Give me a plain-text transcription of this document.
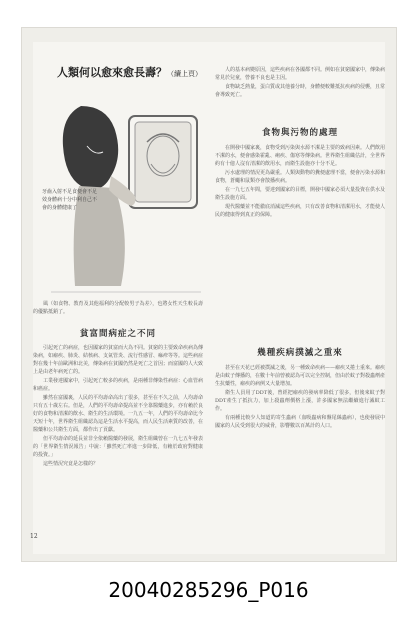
人類何以愈來愈長壽？（續上頁）
牙齒入射不足食便會不足效身體病十分中利自己不會的身體健康了

風（如食物、教育及其他福利的分配較男子為差），也將女性天生較長壽的優點抵銷了。

貧富間病症之不同

引起死亡的病症，也因國家的貧富而大為不同。貧窮的主要致命疾病為傳染病，如瘧疾、肺炎、結核病、支氣管炎、流行性感冒、痲疹等等。這些病症對在幾十年前歐洲和北美，傳染病在貧國仍然是死亡之首因；而富國的人大致上是由老年病死亡的。

工業發達國家中，引起死亡較多的疾病，是兩種非傳染性病症：心血管病和癌症。

雖然在富國裏，人民的平均壽命高出了很多，甚至在不久之前，人均壽命只有五十歲左右。但是，人們的平均壽命提高並不全靠醫藥進步，亦有賴於良好的食物和清潔的飲水、衛生的生活環境。一九五一年，人們的平均壽命比今天短十年，世界衛生組織認為這是生活水平提高，而人民生活素質的改善，在醫藥和公共衛生方面，都作出了貢獻。

但平均壽命的延長並非全依賴醫藥的發展，衛生組織曾在一九七五年發表的「世界衛生情況報告」中說：「雖然死亡率進一步降低，有賴於政府對健康的投資。」

這些情況究竟是怎樣的？

人的基本病變原因，這些疾病在各國都不同。例如在貧窮國家中，傳染病常見於兒童，營養不良也是主因。

食物缺乏熱量，蛋白質或其他養分時，身體便較難抵抗疾病的侵襲，且常會導致死亡。

食物與污物的處理

在開發中國家裏，食物受到污染與水源不潔是主要的致病因素。人們飲用不潔的水，便會感染霍亂、痢疾、傷寒等傳染病。世界衛生組織估計，全世界約有十億人沒有清潔的飲用水，而衛生設施亦十分不足。

污水處理的情況更為嚴重。人類與動物的糞便處理不當，便會污染水源和食物，蒼蠅和鼠類亦會散播疾病。

在一九七五年間，要達到國家的目標，開發中國家必須大量投資在供水及衛生設施方面。

現代醫藥並不能徹底消滅這些疾病，只有改善食物和清潔用水，才能使人民的健康得到真正的保障。

幾種疾病撲滅之重來

甚至在天花已經被撲滅之後，另一種致命疾病——瘧疾又捲土重來。瘧疾是由蚊子傳播的，在數十年前曾被認為可以完全控制，但由於蚊子對殺蟲劑產生抗藥性，瘧疾的病例又大量增加。

衛生人員用了DDT後，曾經把瘧疾的發病率降低了很多，但後來蚊子對DDT產生了抵抗力，加上殺蟲劑價格上漲，許多國家無法繼續進行滅蚊工作。

有兩種比較少人知道的寄生蟲病（血吸蟲病和盤尾絲蟲病），也使發展中國家的人民受到很大的威脅，影響數以百萬計的人口。

12
20040285296_P016
